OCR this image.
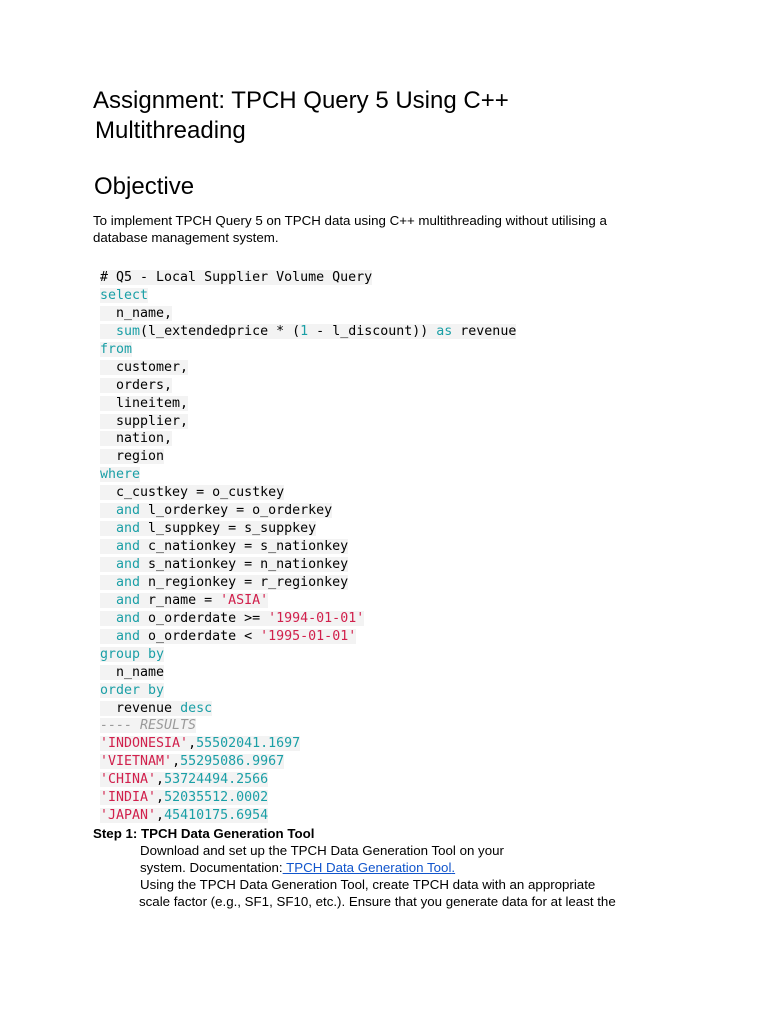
Assignment: TPCH Query 5 Using C++
Multithreading
Objective

To implement TPCH Query 5 on TPCH data using C++ multithreading without utilising a database management system.

# Q5 - Local Supplier Volume Query
select
n_name,
sum(l_extendedprice * (1 - l_discount)) as revenue
from
customer,
orders,
lineitem,
supplier,
nation,
region
where
c_custkey = o_custkey
and l_orderkey = o_orderkey
and l_suppkey = s_suppkey
and c_nationkey = s_nationkey
and s_nationkey = n_nationkey
and n_regionkey = r_regionkey
and r_name = 'ASIA'
and o_orderdate >= '1994-01-01'
and o_orderdate < '1995-01-01'
group by
n_name
order by
revenue desc
---- RESULTS
'INDONESIA',55502041.1697
'VIETNAM',55295086.9967
'CHINA',53724494.2566
'INDIA',52035512.0002
'JAPAN',45410175.6954

Step 1: TPCH Data Generation Tool

Download and set up the TPCH Data Generation Tool on your
system. Documentation: TPCH Data Generation Tool.
Using the TPCH Data Generation Tool, create TPCH data with an appropriate
scale factor (e.g., SF1, SF10, etc.). Ensure that you generate data for at least the
